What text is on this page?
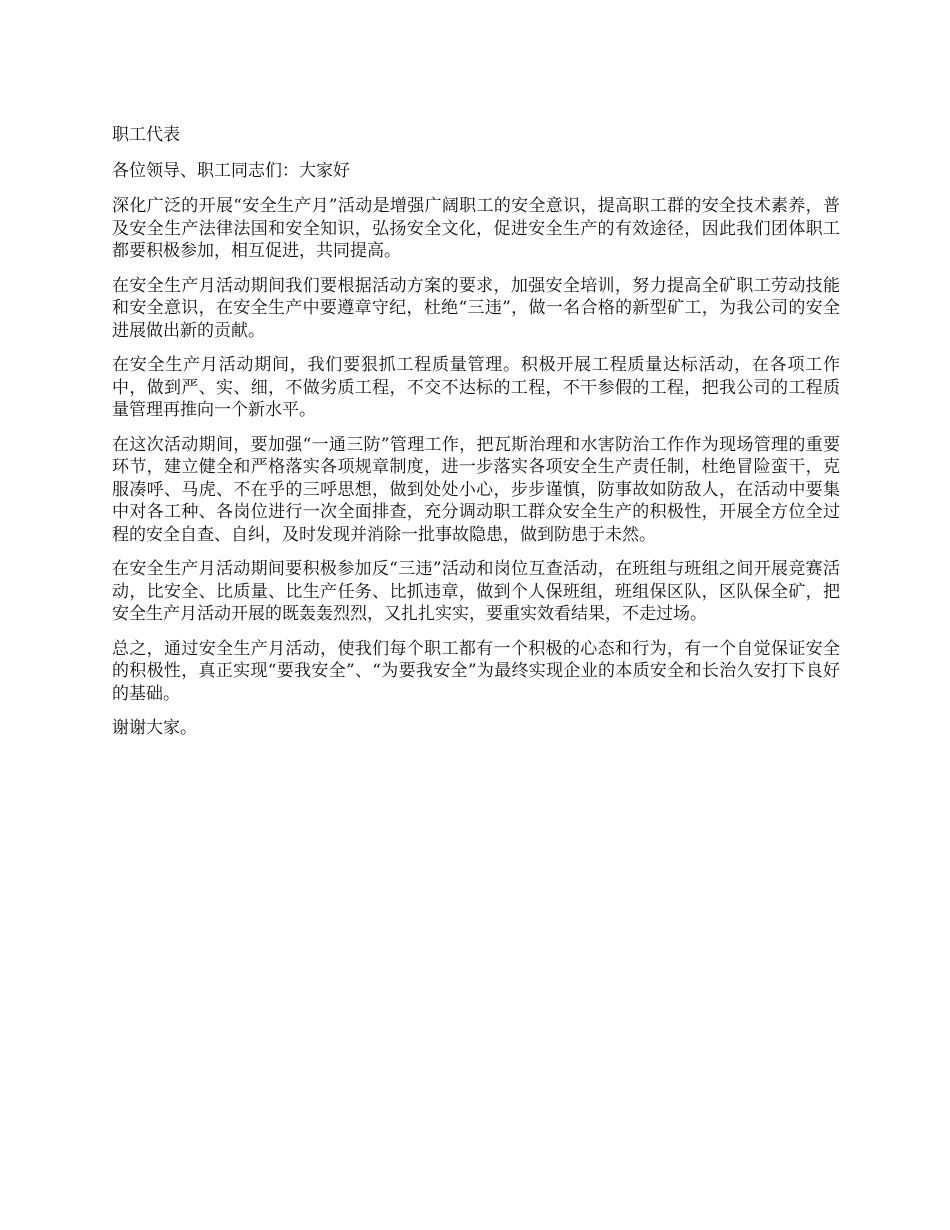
职工代表

各位领导、职工同志们：大家好

深化广泛的开展“安全生产月”活动是增强广阔职工的安全意识，提高职工群的安全技术素养，普及安全生产法律法国和安全知识，弘扬安全文化，促进安全生产的有效途径，因此我们团体职工都要积极参加，相互促进，共同提高。

在安全生产月活动期间我们要根据活动方案的要求，加强安全培训，努力提高全矿职工劳动技能和安全意识，在安全生产中要遵章守纪，杜绝“三违”，做一名合格的新型矿工，为我公司的安全进展做出新的贡献。

在安全生产月活动期间，我们要狠抓工程质量管理。积极开展工程质量达标活动，在各项工作中，做到严、实、细，不做劣质工程，不交不达标的工程，不干参假的工程，把我公司的工程质量管理再推向一个新水平。

在这次活动期间，要加强“一通三防”管理工作，把瓦斯治理和水害防治工作作为现场管理的重要环节，建立健全和严格落实各项规章制度，进一步落实各项安全生产责任制，杜绝冒险蛮干，克服凑呼、马虎、不在乎的三呼思想，做到处处小心，步步谨慎，防事故如防敌人，在活动中要集中对各工种、各岗位进行一次全面排查，充分调动职工群众安全生产的积极性，开展全方位全过程的安全自查、自纠，及时发现并消除一批事故隐患，做到防患于未然。

在安全生产月活动期间要积极参加反“三违”活动和岗位互查活动，在班组与班组之间开展竞赛活动，比安全、比质量、比生产任务、比抓违章，做到个人保班组，班组保区队，区队保全矿，把安全生产月活动开展的既轰轰烈烈，又扎扎实实，要重实效看结果，不走过场。

总之，通过安全生产月活动，使我们每个职工都有一个积极的心态和行为，有一个自觉保证安全的积极性，真正实现“要我安全”、“为要我安全”为最终实现企业的本质安全和长治久安打下良好的基础。

谢谢大家。
